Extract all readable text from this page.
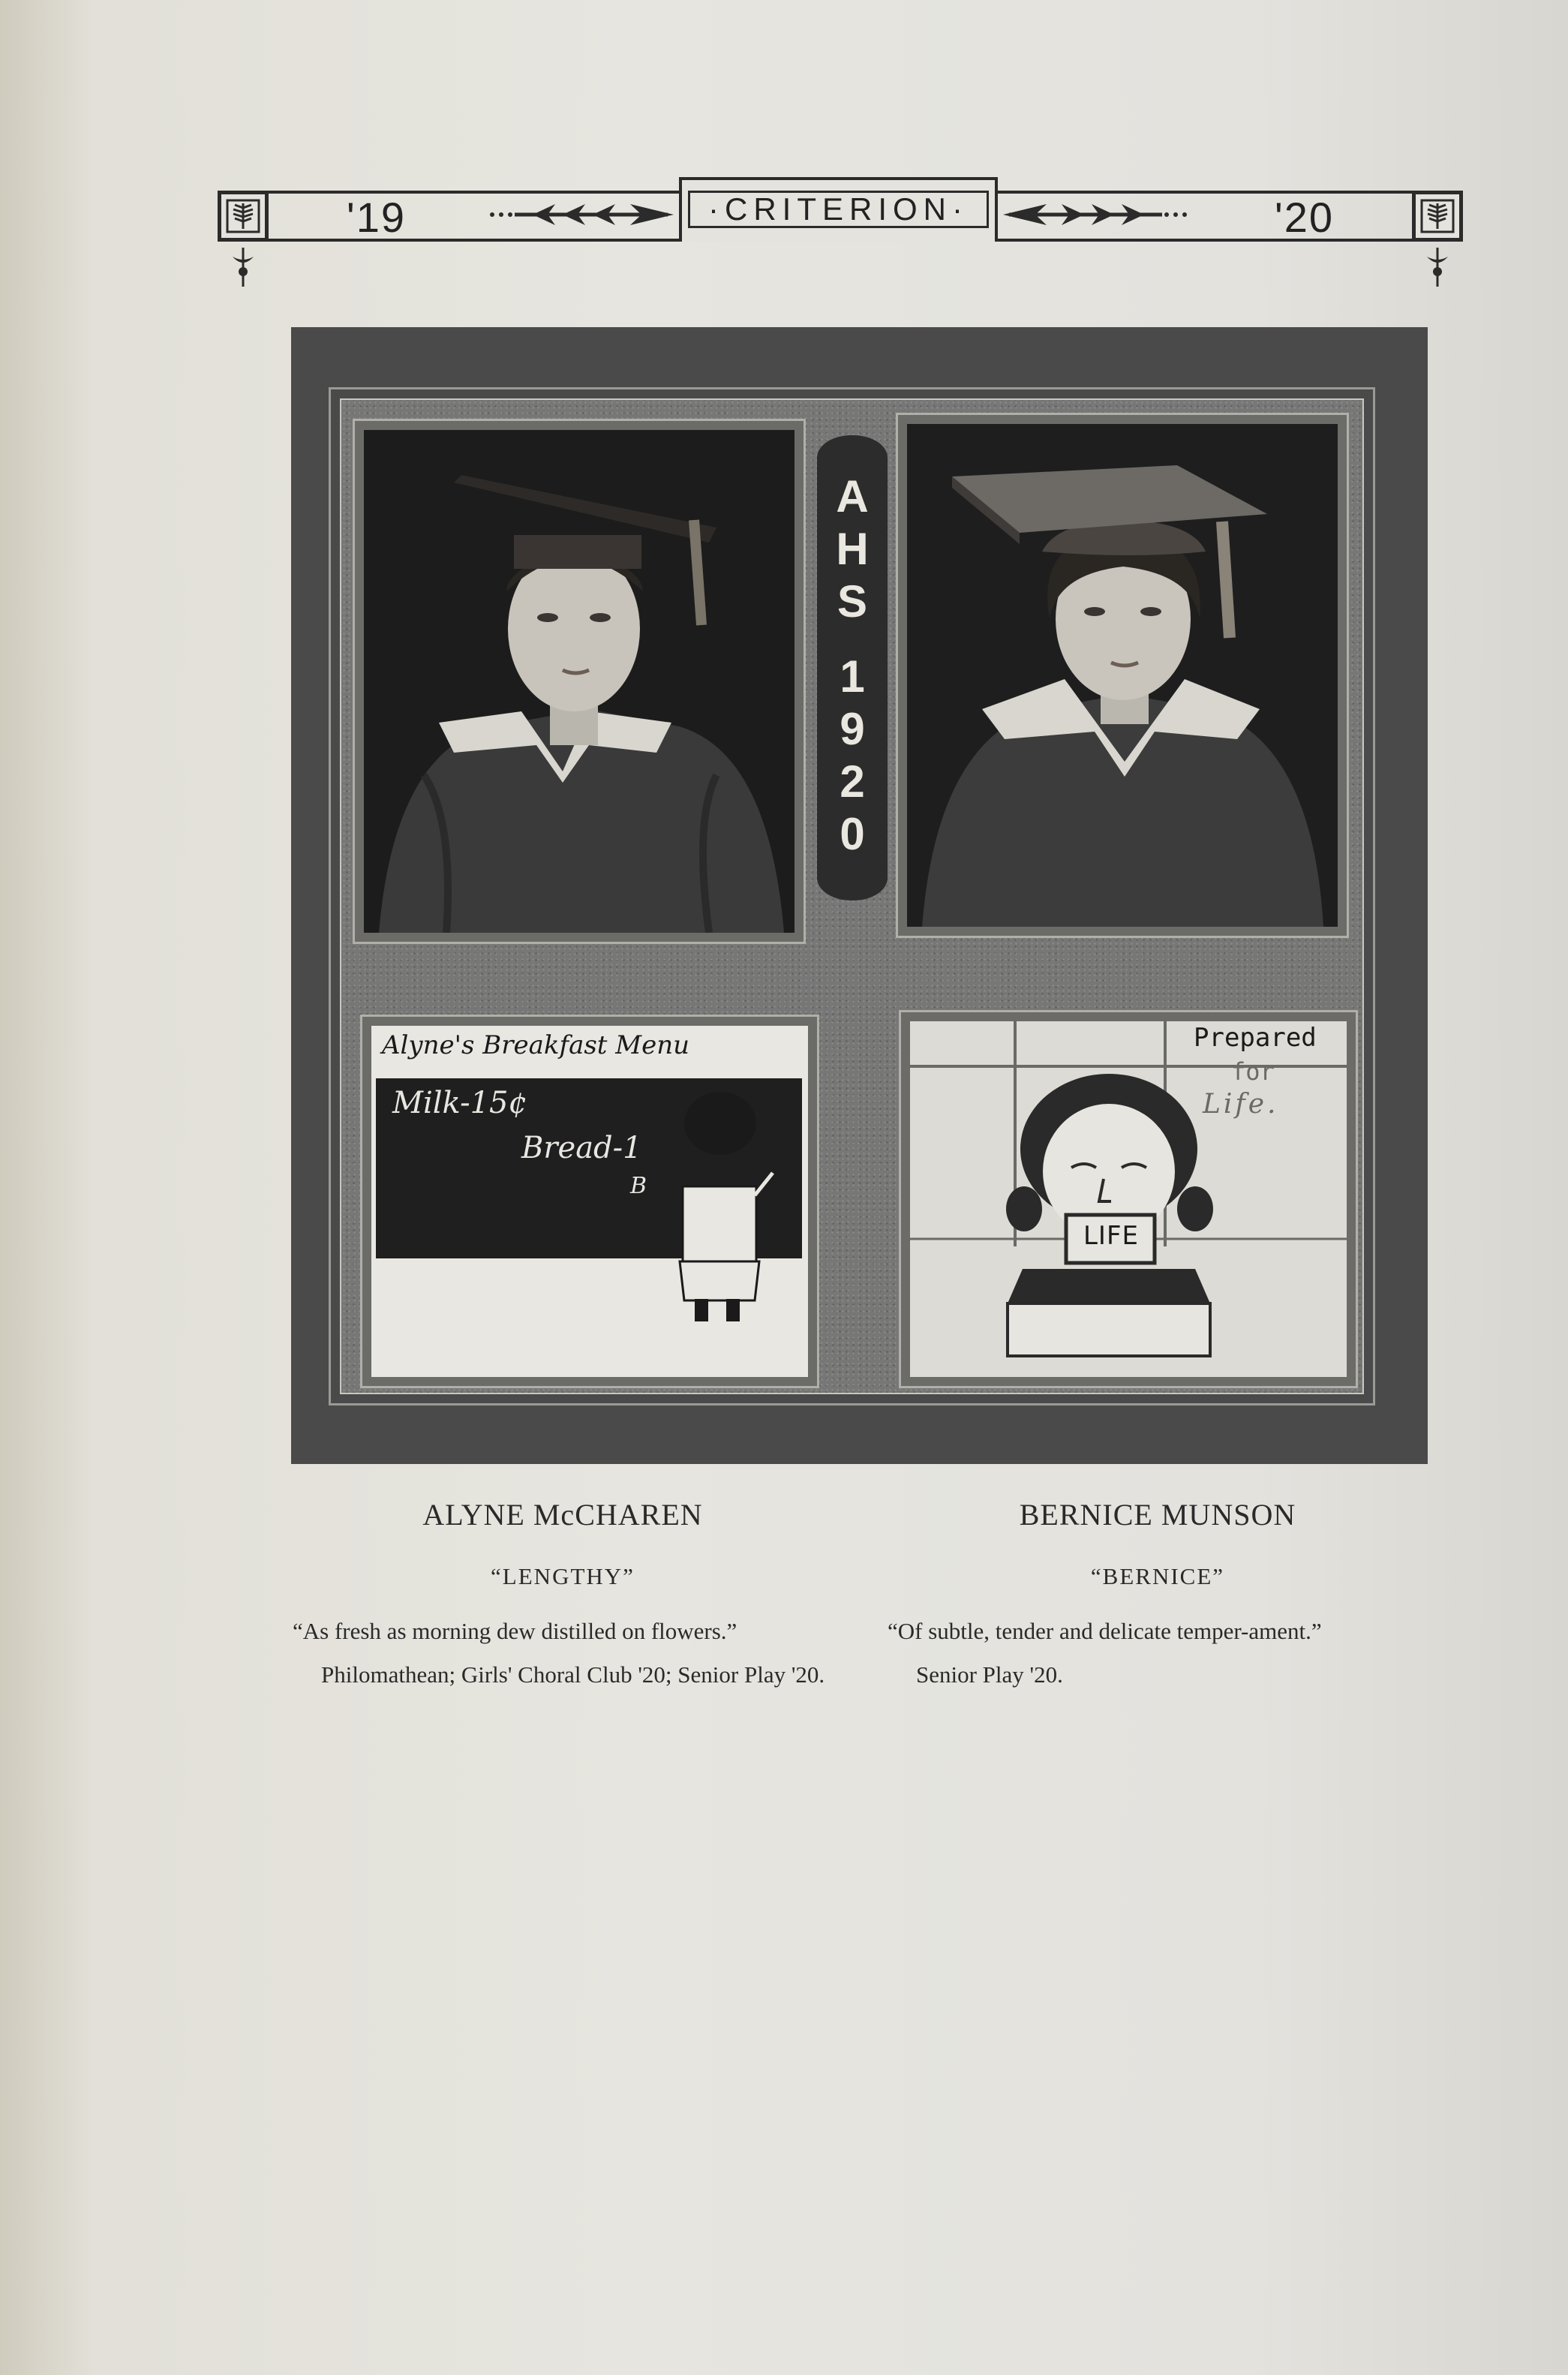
'19	'20
·CRITERION·
A
H
S
1
9
2
0
Alyne's Breakfast Menu
Milk-15¢
Bread-1
B
LIFE
Prepared
for
Life.
ALYNE McCHAREN
“LENGTHY”
“As fresh as morning dew distilled on flowers.”
Philomathean; Girls' Choral Club '20; Senior Play '20.
BERNICE MUNSON
“BERNICE”
“Of subtle, tender and delicate temper-ament.”
Senior Play '20.
